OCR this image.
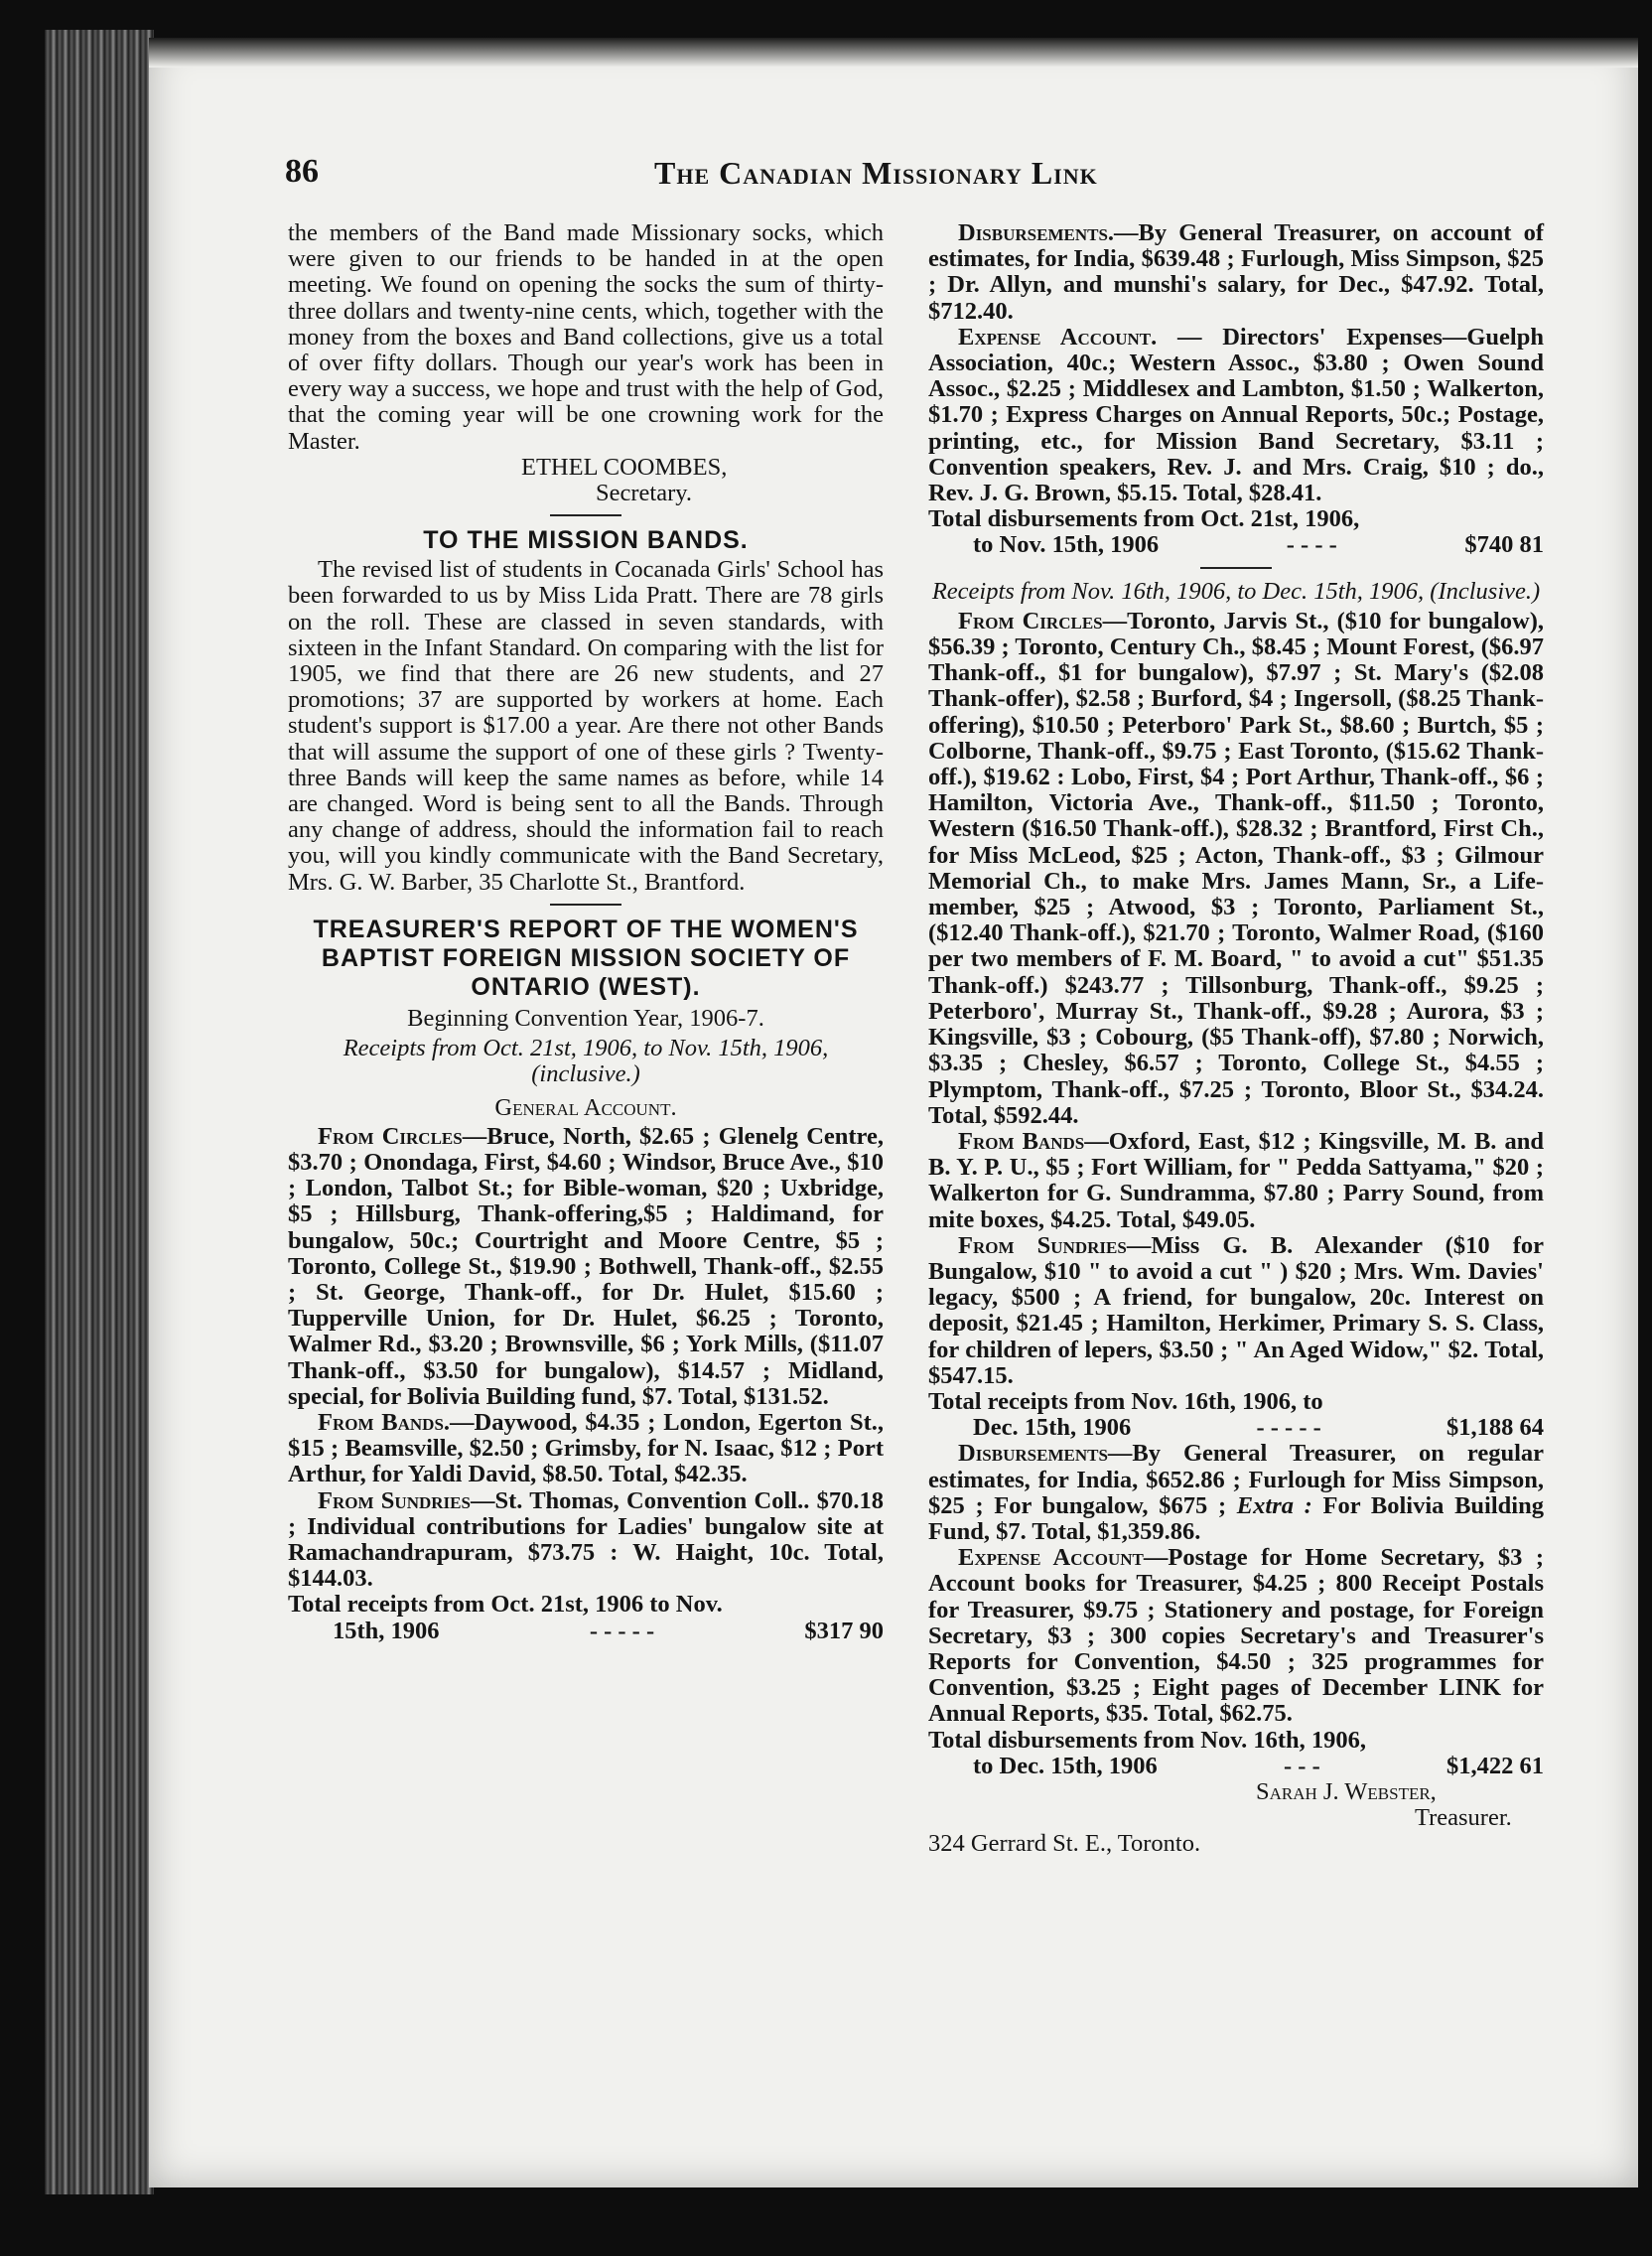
86	The Canadian Missionary Link

the members of the Band made Missionary socks, which were given to our friends to be handed in at the open meeting. We found on opening the socks the sum of thirty-three dollars and twenty-nine cents, which, together with the money from the boxes and Band collections, give us a total of over fifty dollars. Though our year's work has been in every way a success, we hope and trust with the help of God, that the coming year will be one crowning work for the Master.

ETHEL COOMBES,
Secretary.
TO THE MISSION BANDS.

The revised list of students in Cocanada Girls' School has been forwarded to us by Miss Lida Pratt. There are 78 girls on the roll. These are classed in seven standards, with sixteen in the Infant Standard. On comparing with the list for 1905, we find that there are 26 new students, and 27 promotions; 37 are supported by workers at home. Each student's support is $17.00 a year. Are there not other Bands that will assume the support of one of these girls ? Twenty-three Bands will keep the same names as before, while 14 are changed. Word is being sent to all the Bands. Through any change of address, should the information fail to reach you, will you kindly communicate with the Band Secretary, Mrs. G. W. Barber, 35 Charlotte St., Brantford.

TREASURER'S REPORT OF THE WOMEN'S BAPTIST FOREIGN MISSION SOCIETY OF ONTARIO (WEST).
Beginning Convention Year, 1906-7.
Receipts from Oct. 21st, 1906, to Nov. 15th, 1906, (inclusive.)
General Account.

From Circles—Bruce, North, $2.65 ; Glenelg Centre, $3.70 ; Onondaga, First, $4.60 ; Windsor, Bruce Ave., $10 ; London, Talbot St.; for Bible-woman, $20 ; Uxbridge, $5 ; Hillsburg, Thank-offering,$5 ; Haldimand, for bungalow, 50c.; Courtright and Moore Centre, $5 ; Toronto, College St., $19.90 ; Bothwell, Thank-off., $2.55 ; St. George, Thank-off., for Dr. Hulet, $15.60 ; Tupperville Union, for Dr. Hulet, $6.25 ; Toronto, Walmer Rd., $3.20 ; Brownsville, $6 ; York Mills, ($11.07 Thank-off., $3.50 for bungalow), $14.57 ; Midland, special, for Bolivia Building fund, $7. Total, $131.52.

From Bands.—Daywood, $4.35 ; London, Egerton St., $15 ; Beamsville, $2.50 ; Grimsby, for N. Isaac, $12 ; Port Arthur, for Yaldi David, $8.50. Total, $42.35.

From Sundries—St. Thomas, Convention Coll.. $70.18 ; Individual contributions for Ladies' bungalow site at Ramachandrapuram, $73.75 : W. Haight, 10c. Total, $144.03.

Total receipts from Oct. 21st, 1906 to Nov.
15th, 1906	- - - - -	$317 90

Disbursements.—By General Treasurer, on account of estimates, for India, $639.48 ; Furlough, Miss Simpson, $25 ; Dr. Allyn, and munshi's salary, for Dec., $47.92. Total, $712.40.

Expense Account. — Directors' Expenses—Guelph Association, 40c.; Western Assoc., $3.80 ; Owen Sound Assoc., $2.25 ; Middlesex and Lambton, $1.50 ; Walkerton, $1.70 ; Express Charges on Annual Reports, 50c.; Postage, printing, etc., for Mission Band Secretary, $3.11 ; Convention speakers, Rev. J. and Mrs. Craig, $10 ; do., Rev. J. G. Brown, $5.15. Total, $28.41.

Total disbursements from Oct. 21st, 1906,
to Nov. 15th, 1906	- - - -	$740 81
Receipts from Nov. 16th, 1906, to Dec. 15th, 1906, (Inclusive.)

From Circles—Toronto, Jarvis St., ($10 for bungalow), $56.39 ; Toronto, Century Ch., $8.45 ; Mount Forest, ($6.97 Thank-off., $1 for bungalow), $7.97 ; St. Mary's ($2.08 Thank-offer), $2.58 ; Burford, $4 ; Ingersoll, ($8.25 Thank-offering), $10.50 ; Peterboro' Park St., $8.60 ; Burtch, $5 ; Colborne, Thank-off., $9.75 ; East Toronto, ($15.62 Thank-off.), $19.62 : Lobo, First, $4 ; Port Arthur, Thank-off., $6 ; Hamilton, Victoria Ave., Thank-off., $11.50 ; Toronto, Western ($16.50 Thank-off.), $28.32 ; Brantford, First Ch., for Miss McLeod, $25 ; Acton, Thank-off., $3 ; Gilmour Memorial Ch., to make Mrs. James Mann, Sr., a Life-member, $25 ; Atwood, $3 ; Toronto, Parliament St., ($12.40 Thank-off.), $21.70 ; Toronto, Walmer Road, ($160 per two members of F. M. Board, " to avoid a cut" $51.35 Thank-off.) $243.77 ; Tillsonburg, Thank-off., $9.25 ; Peterboro', Murray St., Thank-off., $9.28 ; Aurora, $3 ; Kingsville, $3 ; Cobourg, ($5 Thank-off), $7.80 ; Norwich, $3.35 ; Chesley, $6.57 ; Toronto, College St., $4.55 ; Plymptom, Thank-off., $7.25 ; Toronto, Bloor St., $34.24. Total, $592.44.

From Bands—Oxford, East, $12 ; Kingsville, M. B. and B. Y. P. U., $5 ; Fort William, for " Pedda Sattyama," $20 ; Walkerton for G. Sundramma, $7.80 ; Parry Sound, from mite boxes, $4.25. Total, $49.05.

From Sundries—Miss G. B. Alexander ($10 for Bungalow, $10 " to avoid a cut " ) $20 ; Mrs. Wm. Davies' legacy, $500 ; A friend, for bungalow, 20c. Interest on deposit, $21.45 ; Hamilton, Herkimer, Primary S. S. Class, for children of lepers, $3.50 ; " An Aged Widow," $2. Total, $547.15.

Total receipts from Nov. 16th, 1906, to
Dec. 15th, 1906	- - - - -	$1,188 64

Disbursements—By General Treasurer, on regular estimates, for India, $652.86 ; Furlough for Miss Simpson, $25 ; For bungalow, $675 ; Extra : For Bolivia Building Fund, $7. Total, $1,359.86.

Expense Account—Postage for Home Secretary, $3 ; Account books for Treasurer, $4.25 ; 800 Receipt Postals for Treasurer, $9.75 ; Stationery and postage, for Foreign Secretary, $3 ; 300 copies Secretary's and Treasurer's Reports for Convention, $4.50 ; 325 programmes for Convention, $3.25 ; Eight pages of December LINK for Annual Reports, $35. Total, $62.75.

Total disbursements from Nov. 16th, 1906,
to Dec. 15th, 1906	- - -	$1,422 61
Sarah J. Webster,
Treasurer.
324 Gerrard St. E., Toronto.
